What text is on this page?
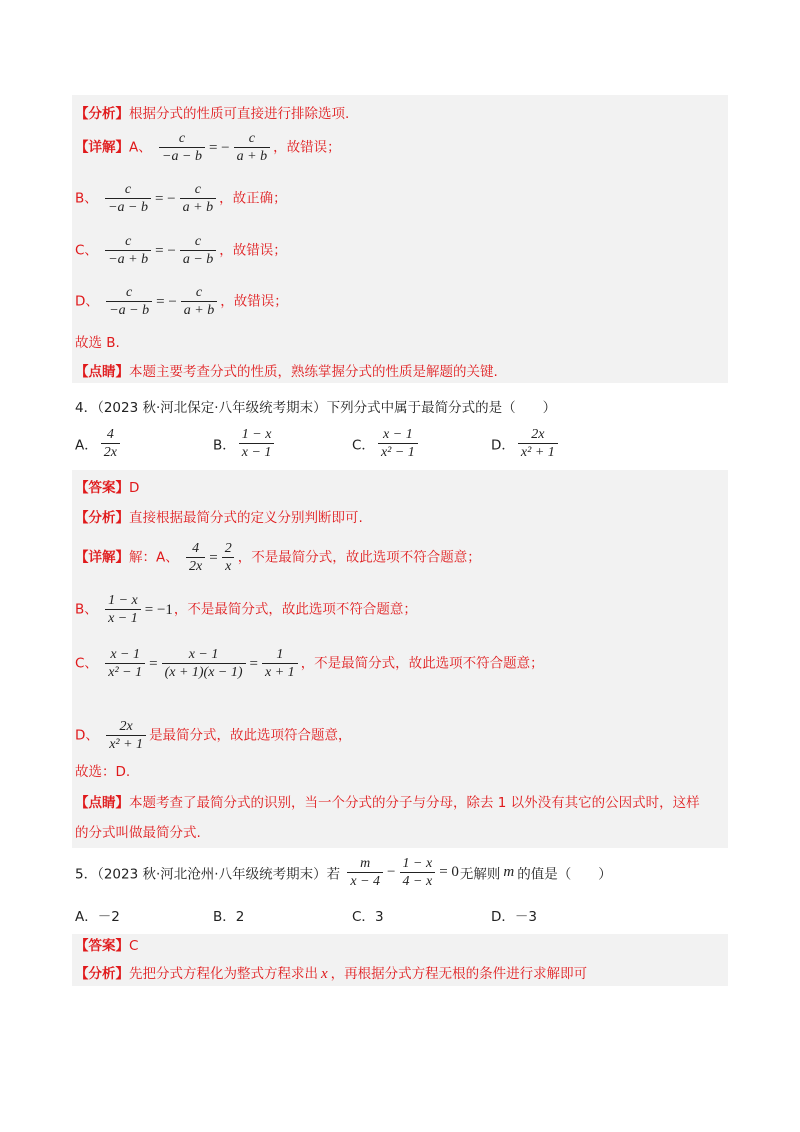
【分析】根据分式的性质可直接进行排除选项.
【详解】A、 $\frac{c}{-a - b}$ = − $\frac{c}{a + b}$ ，故错误；
B、 $\frac{c}{-a - b}$ = − $\frac{c}{a + b}$ ，故正确；
C、 $\frac{c}{-a + b}$ = − $\frac{c}{a - b}$ ，故错误；
D、 $\frac{c}{-a - b}$ = − $\frac{c}{a + b}$ ，故错误；
故选 B.
【点睛】本题主要考查分式的性质，熟练掌握分式的性质是解题的关键.
4．（2023 秋·河北保定·八年级统考期末）下列分式中属于最简分式的是（　　）
A． $\frac{4}{2x}$	B． $\frac{1 - x}{x - 1}$	C． $\frac{x - 1}{\text{x² − 1}}$	D． $\frac{2x}{\text{x² + 1}}$
【答案】D
【分析】直接根据最简分式的定义分别判断即可.
【详解】解：A、 $\frac{4}{2x} = \frac{2}{x}$ ，不是最简分式，故此选项不符合题意；
B、 $\frac{1 - x}{x - 1} = -1$，不是最简分式，故此选项不符合题意；
C、 $\frac{x - 1}{\text{x² − 1}} = \frac{x - 1}{(x + 1)(x - 1)} = \frac{1}{x + 1}$ ，不是最简分式，故此选项不符合题意；
D、 $\frac{2x}{\text{x² + 1}}$ 是最简分式，故此选项符合题意，
故选：D.
【点睛】本题考查了最简分式的识别，当一个分式的分子与分母，除去 1 以外没有其它的公因式时，这样
的分式叫做最简分式.
5．（2023 秋·河北沧州·八年级统考期末）若 $\frac{m}{x - 4} - \frac{1 - x}{4 - x} = 0$无解则 m 的值是（　　）
A．－2	B．2	C．3	D．－3
【答案】C
【分析】先把分式方程化为整式方程求出 x ，再根据分式方程无根的条件进行求解即可
